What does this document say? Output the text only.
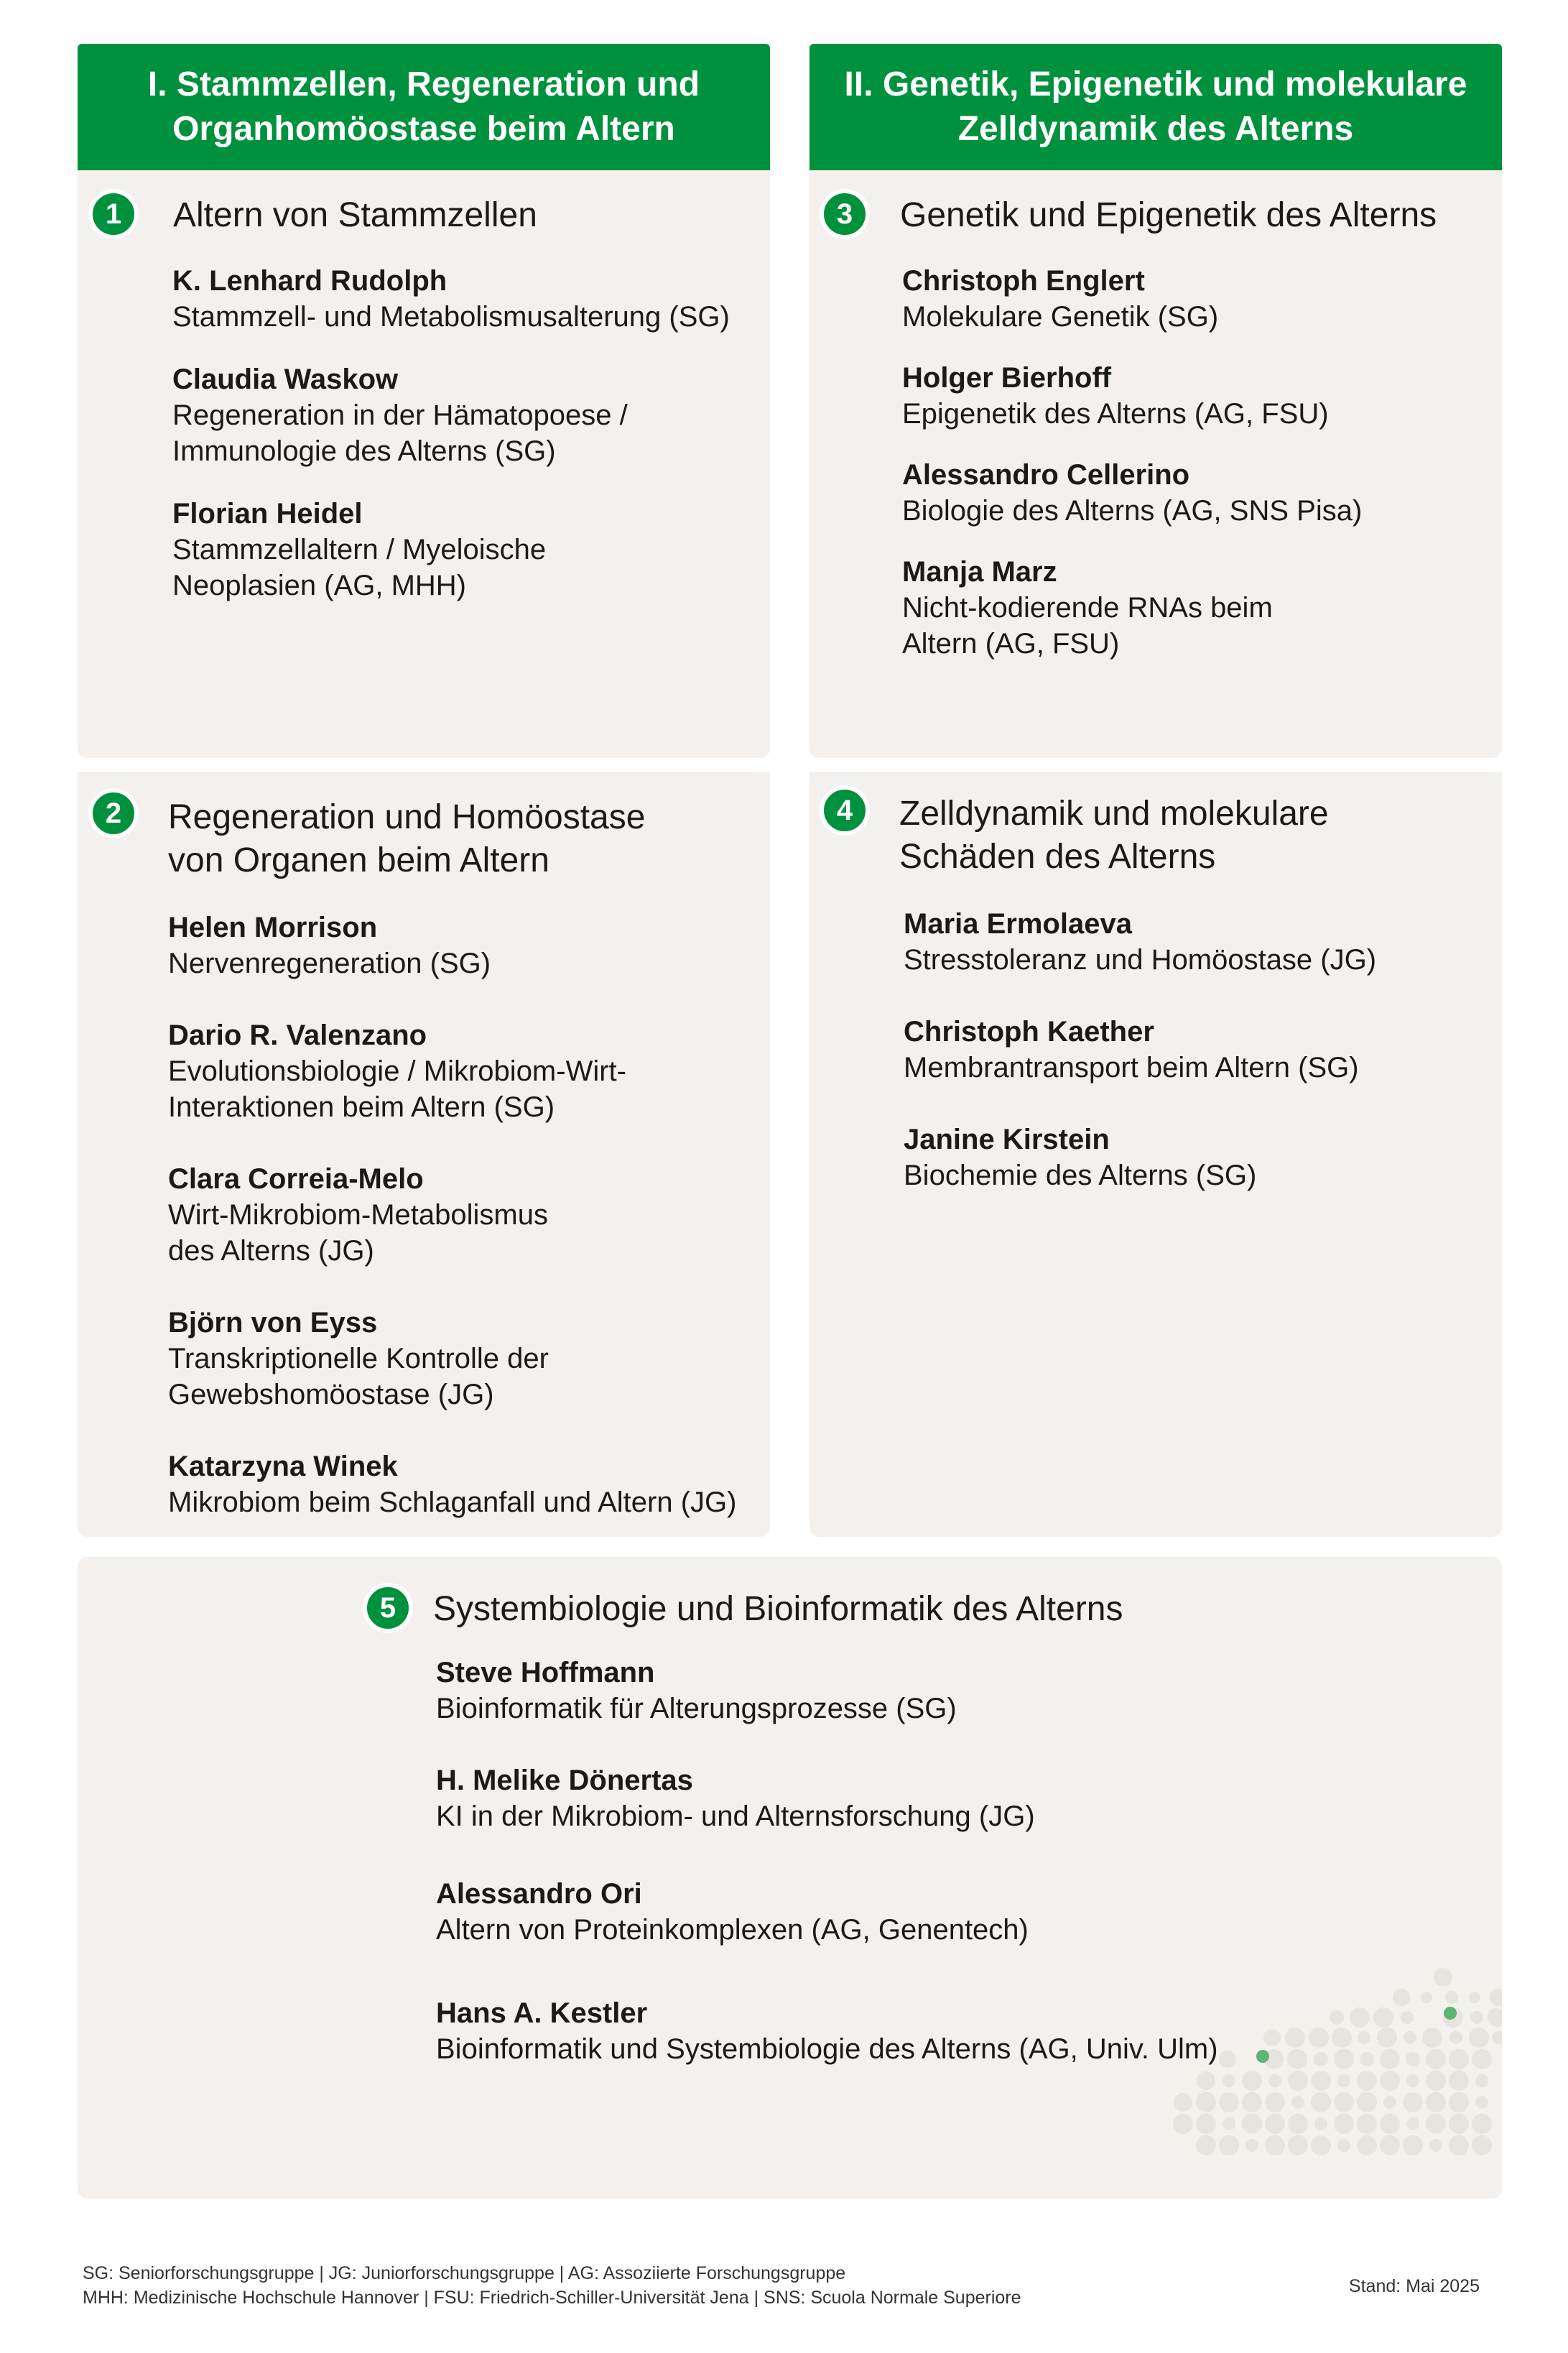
I. Stammzellen, Regeneration und Organhomöostase beim Altern
II. Genetik, Epigenetik und molekulare Zelldynamik des Alterns
1	Altern von Stammzellen
K. Lenhard Rudolph
Stammzell- und Metabolismusalterung (SG)
Claudia Waskow
Regeneration in der Hämatopoese / Immunologie des Alterns (SG)
Florian Heidel
Stammzellaltern / Myeloische Neoplasien (AG, MHH)
3	Genetik und Epigenetik des Alterns
Christoph Englert
Molekulare Genetik (SG)
Holger Bierhoff
Epigenetik des Alterns (AG, FSU)
Alessandro Cellerino
Biologie des Alterns (AG, SNS Pisa)
Manja Marz
Nicht-kodierende RNAs beim Altern (AG, FSU)
2	Regeneration und Homöostase von Organen beim Altern
Helen Morrison
Nervenregeneration (SG)
Dario R. Valenzano
Evolutionsbiologie / Mikrobiom-Wirt-Interaktionen beim Altern (SG)
Clara Correia-Melo
Wirt-Mikrobiom-Metabolismus des Alterns (JG)
Björn von Eyss
Transkriptionelle Kontrolle der Gewebshomöostase (JG)
Katarzyna Winek
Mikrobiom beim Schlaganfall und Altern (JG)
4	Zelldynamik und molekulare Schäden des Alterns
Maria Ermolaeva
Stresstoleranz und Homöostase (JG)
Christoph Kaether
Membrantransport beim Altern (SG)
Janine Kirstein
Biochemie des Alterns (SG)
5	Systembiologie und Bioinformatik des Alterns
Steve Hoffmann
Bioinformatik für Alterungsprozesse (SG)
H. Melike Dönertas
KI in der Mikrobiom- und Alternsforschung (JG)
Alessandro Ori
Altern von Proteinkomplexen (AG, Genentech)
Hans A. Kestler
Bioinformatik und Systembiologie des Alterns (AG, Univ. Ulm)
SG: Seniorforschungsgruppe | JG: Juniorforschungsgruppe | AG: Assoziierte Forschungsgruppe
MHH: Medizinische Hochschule Hannover | FSU: Friedrich-Schiller-Universität Jena | SNS: Scuola Normale Superiore
Stand: Mai 2025
